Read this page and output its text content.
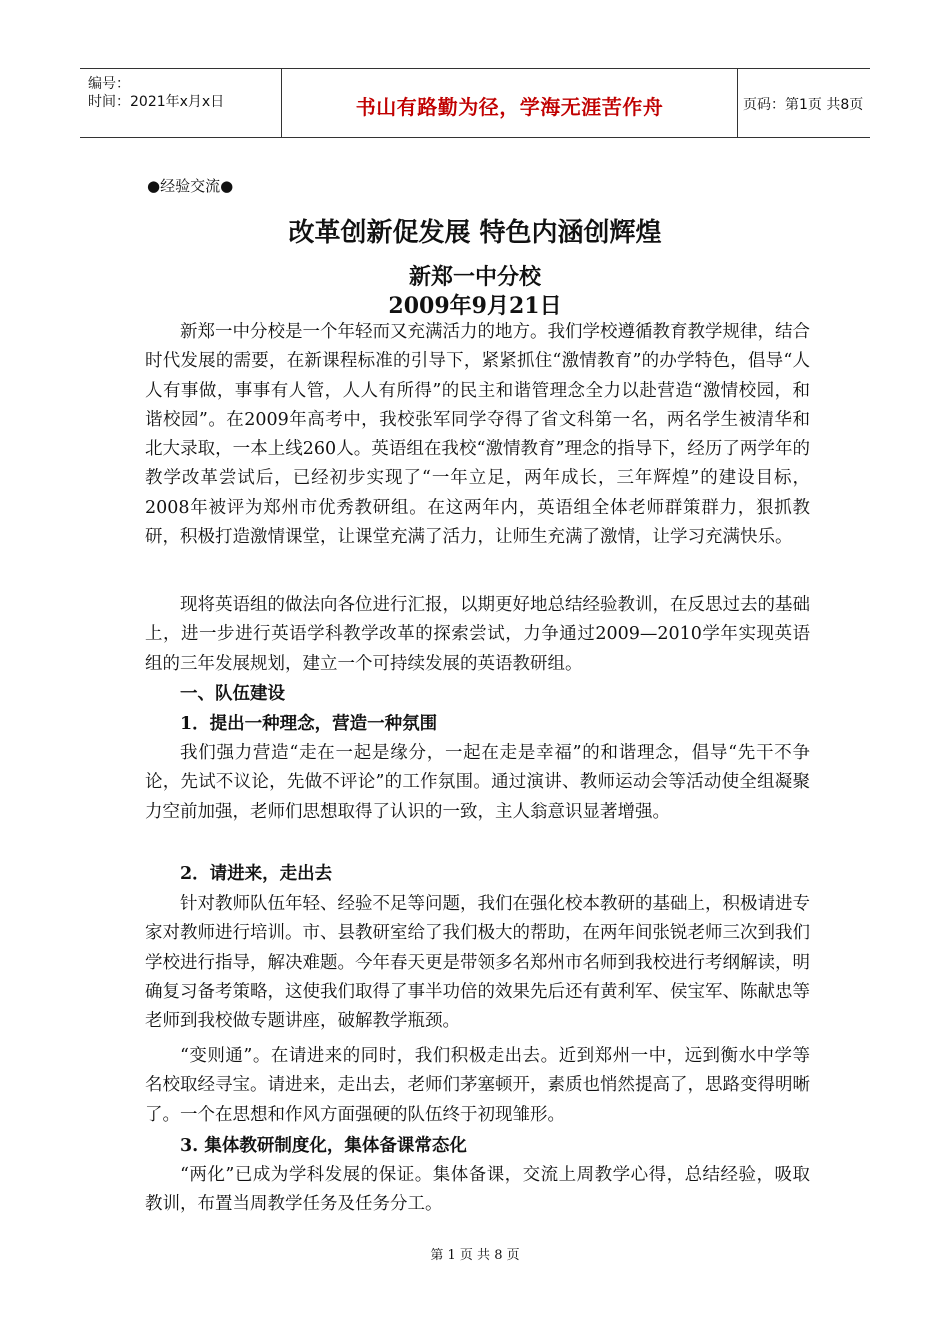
编号：
时间：2021年x月x日	书山有路勤为径，学海无涯苦作舟	页码：第1页 共8页
●经验交流●
改革创新促发展 特色内涵创辉煌
新郑一中分校
2009年9月21日
新郑一中分校是一个年轻而又充满活力的地方。我们学校遵循教育教学规律，结合时代发展的需要，在新课程标准的引导下，紧紧抓住“激情教育”的办学特色，倡导“人人有事做，事事有人管，人人有所得”的民主和谐管理念全力以赴营造“激情校园，和谐校园”。在2009年高考中，我校张军同学夺得了省文科第一名，两名学生被清华和北大录取，一本上线260人。英语组在我校“激情教育”理念的指导下，经历了两学年的教学改革尝试后，已经初步实现了“一年立足，两年成长，三年辉煌”的建设目标，2008年被评为郑州市优秀教研组。在这两年内，英语组全体老师群策群力，狠抓教研，积极打造激情课堂，让课堂充满了活力，让师生充满了激情，让学习充满快乐。
现将英语组的做法向各位进行汇报，以期更好地总结经验教训，在反思过去的基础上，进一步进行英语学科教学改革的探索尝试，力争通过2009—2010学年实现英语组的三年发展规划，建立一个可持续发展的英语教研组。
一、队伍建设
1．提出一种理念，营造一种氛围
我们强力营造“走在一起是缘分，一起在走是幸福”的和谐理念，倡导“先干不争论，先试不议论，先做不评论”的工作氛围。通过演讲、教师运动会等活动使全组凝聚力空前加强，老师们思想取得了认识的一致，主人翁意识显著增强。
2．请进来，走出去
针对教师队伍年轻、经验不足等问题，我们在强化校本教研的基础上，积极请进专家对教师进行培训。市、县教研室给了我们极大的帮助，在两年间张锐老师三次到我们学校进行指导，解决难题。今年春天更是带领多名郑州市名师到我校进行考纲解读，明确复习备考策略，这使我们取得了事半功倍的效果先后还有黄利军、侯宝军、陈献忠等老师到我校做专题讲座，破解教学瓶颈。
“变则通”。在请进来的同时，我们积极走出去。近到郑州一中，远到衡水中学等名校取经寻宝。请进来，走出去，老师们茅塞顿开，素质也悄然提高了，思路变得明晰了。一个在思想和作风方面强硬的队伍终于初现雏形。
3. 集体教研制度化，集体备课常态化
“两化”已成为学科发展的保证。集体备课，交流上周教学心得，总结经验，吸取教训，布置当周教学任务及任务分工。
第 1 页 共 8 页
